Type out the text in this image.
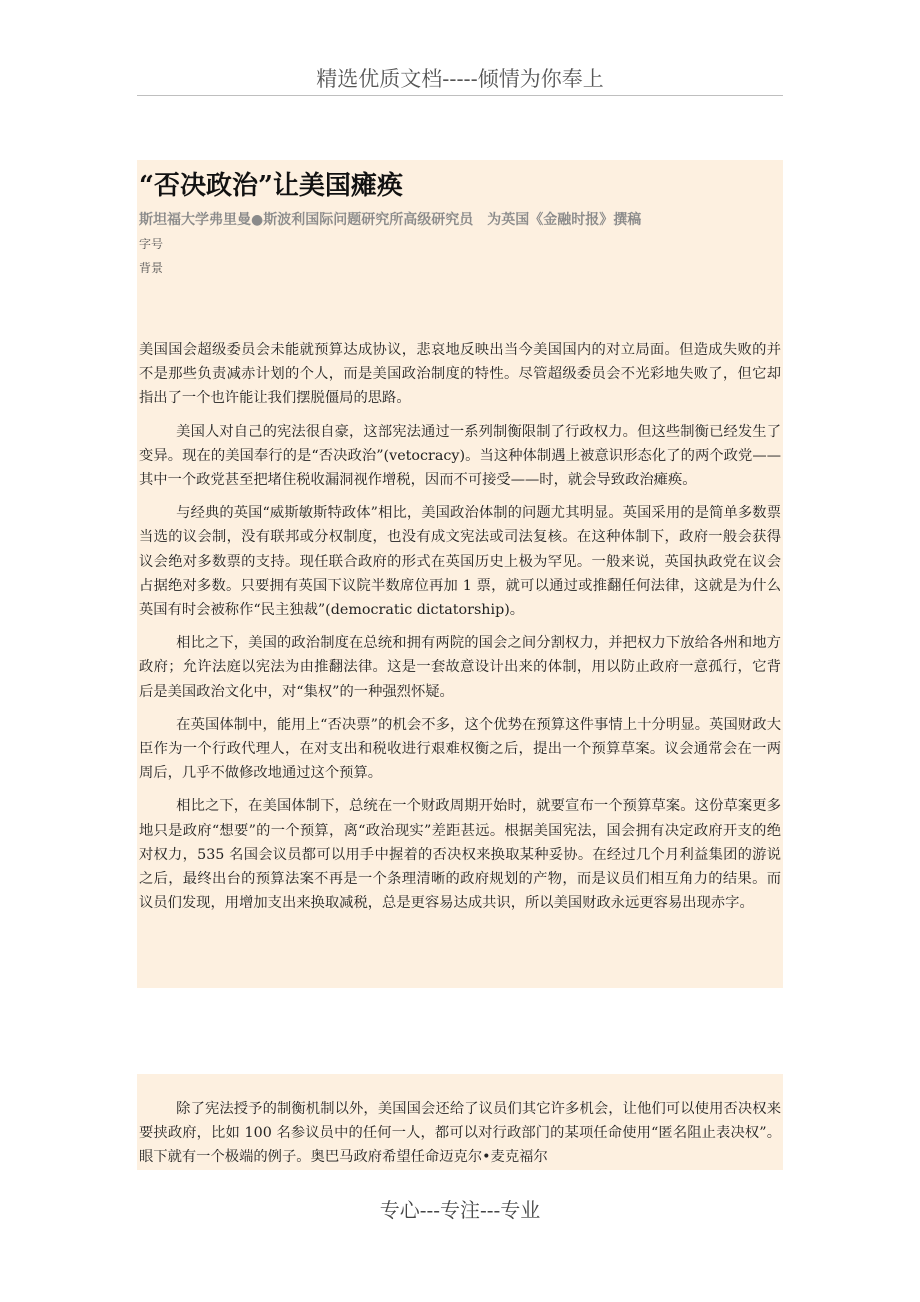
精选优质文档-----倾情为你奉上
“否决政治”让美国瘫痪
斯坦福大学弗里曼●斯波利国际问题研究所高级研究员　为英国《金融时报》撰稿
字号
背景

美国国会超级委员会未能就预算达成协议，悲哀地反映出当今美国国内的对立局面。但造成失败的并不是那些负责减赤计划的个人，而是美国政治制度的特性。尽管超级委员会不光彩地失败了，但它却指出了一个也许能让我们摆脱僵局的思路。

美国人对自己的宪法很自豪，这部宪法通过一系列制衡限制了行政权力。但这些制衡已经发生了变异。现在的美国奉行的是“否决政治”(vetocracy)。当这种体制遇上被意识形态化了的两个政党——其中一个政党甚至把堵住税收漏洞视作增税，因而不可接受——时，就会导致政治瘫痪。

与经典的英国“威斯敏斯特政体”相比，美国政治体制的问题尤其明显。英国采用的是简单多数票当选的议会制，没有联邦或分权制度，也没有成文宪法或司法复核。在这种体制下，政府一般会获得议会绝对多数票的支持。现任联合政府的形式在英国历史上极为罕见。一般来说，英国执政党在议会占据绝对多数。只要拥有英国下议院半数席位再加 1 票，就可以通过或推翻任何法律，这就是为什么英国有时会被称作“民主独裁”(democratic dictatorship)。

相比之下，美国的政治制度在总统和拥有两院的国会之间分割权力，并把权力下放给各州和地方政府；允许法庭以宪法为由推翻法律。这是一套故意设计出来的体制，用以防止政府一意孤行，它背后是美国政治文化中，对“集权”的一种强烈怀疑。

在英国体制中，能用上“否决票”的机会不多，这个优势在预算这件事情上十分明显。英国财政大臣作为一个行政代理人，在对支出和税收进行艰难权衡之后，提出一个预算草案。议会通常会在一两周后，几乎不做修改地通过这个预算。

相比之下，在美国体制下，总统在一个财政周期开始时，就要宣布一个预算草案。这份草案更多地只是政府“想要”的一个预算，离“政治现实”差距甚远。根据美国宪法，国会拥有决定政府开支的绝对权力，535 名国会议员都可以用手中握着的否决权来换取某种妥协。在经过几个月利益集团的游说之后，最终出台的预算法案不再是一个条理清晰的政府规划的产物，而是议员们相互角力的结果。而议员们发现，用增加支出来换取减税，总是更容易达成共识，所以美国财政永远更容易出现赤字。

除了宪法授予的制衡机制以外，美国国会还给了议员们其它许多机会，让他们可以使用否决权来要挟政府，比如 100 名参议员中的任何一人，都可以对行政部门的某项任命使用“匿名阻止表决权”。眼下就有一个极端的例子。奥巴马政府希望任命迈克尔•麦克福尔

专心---专注---专业
